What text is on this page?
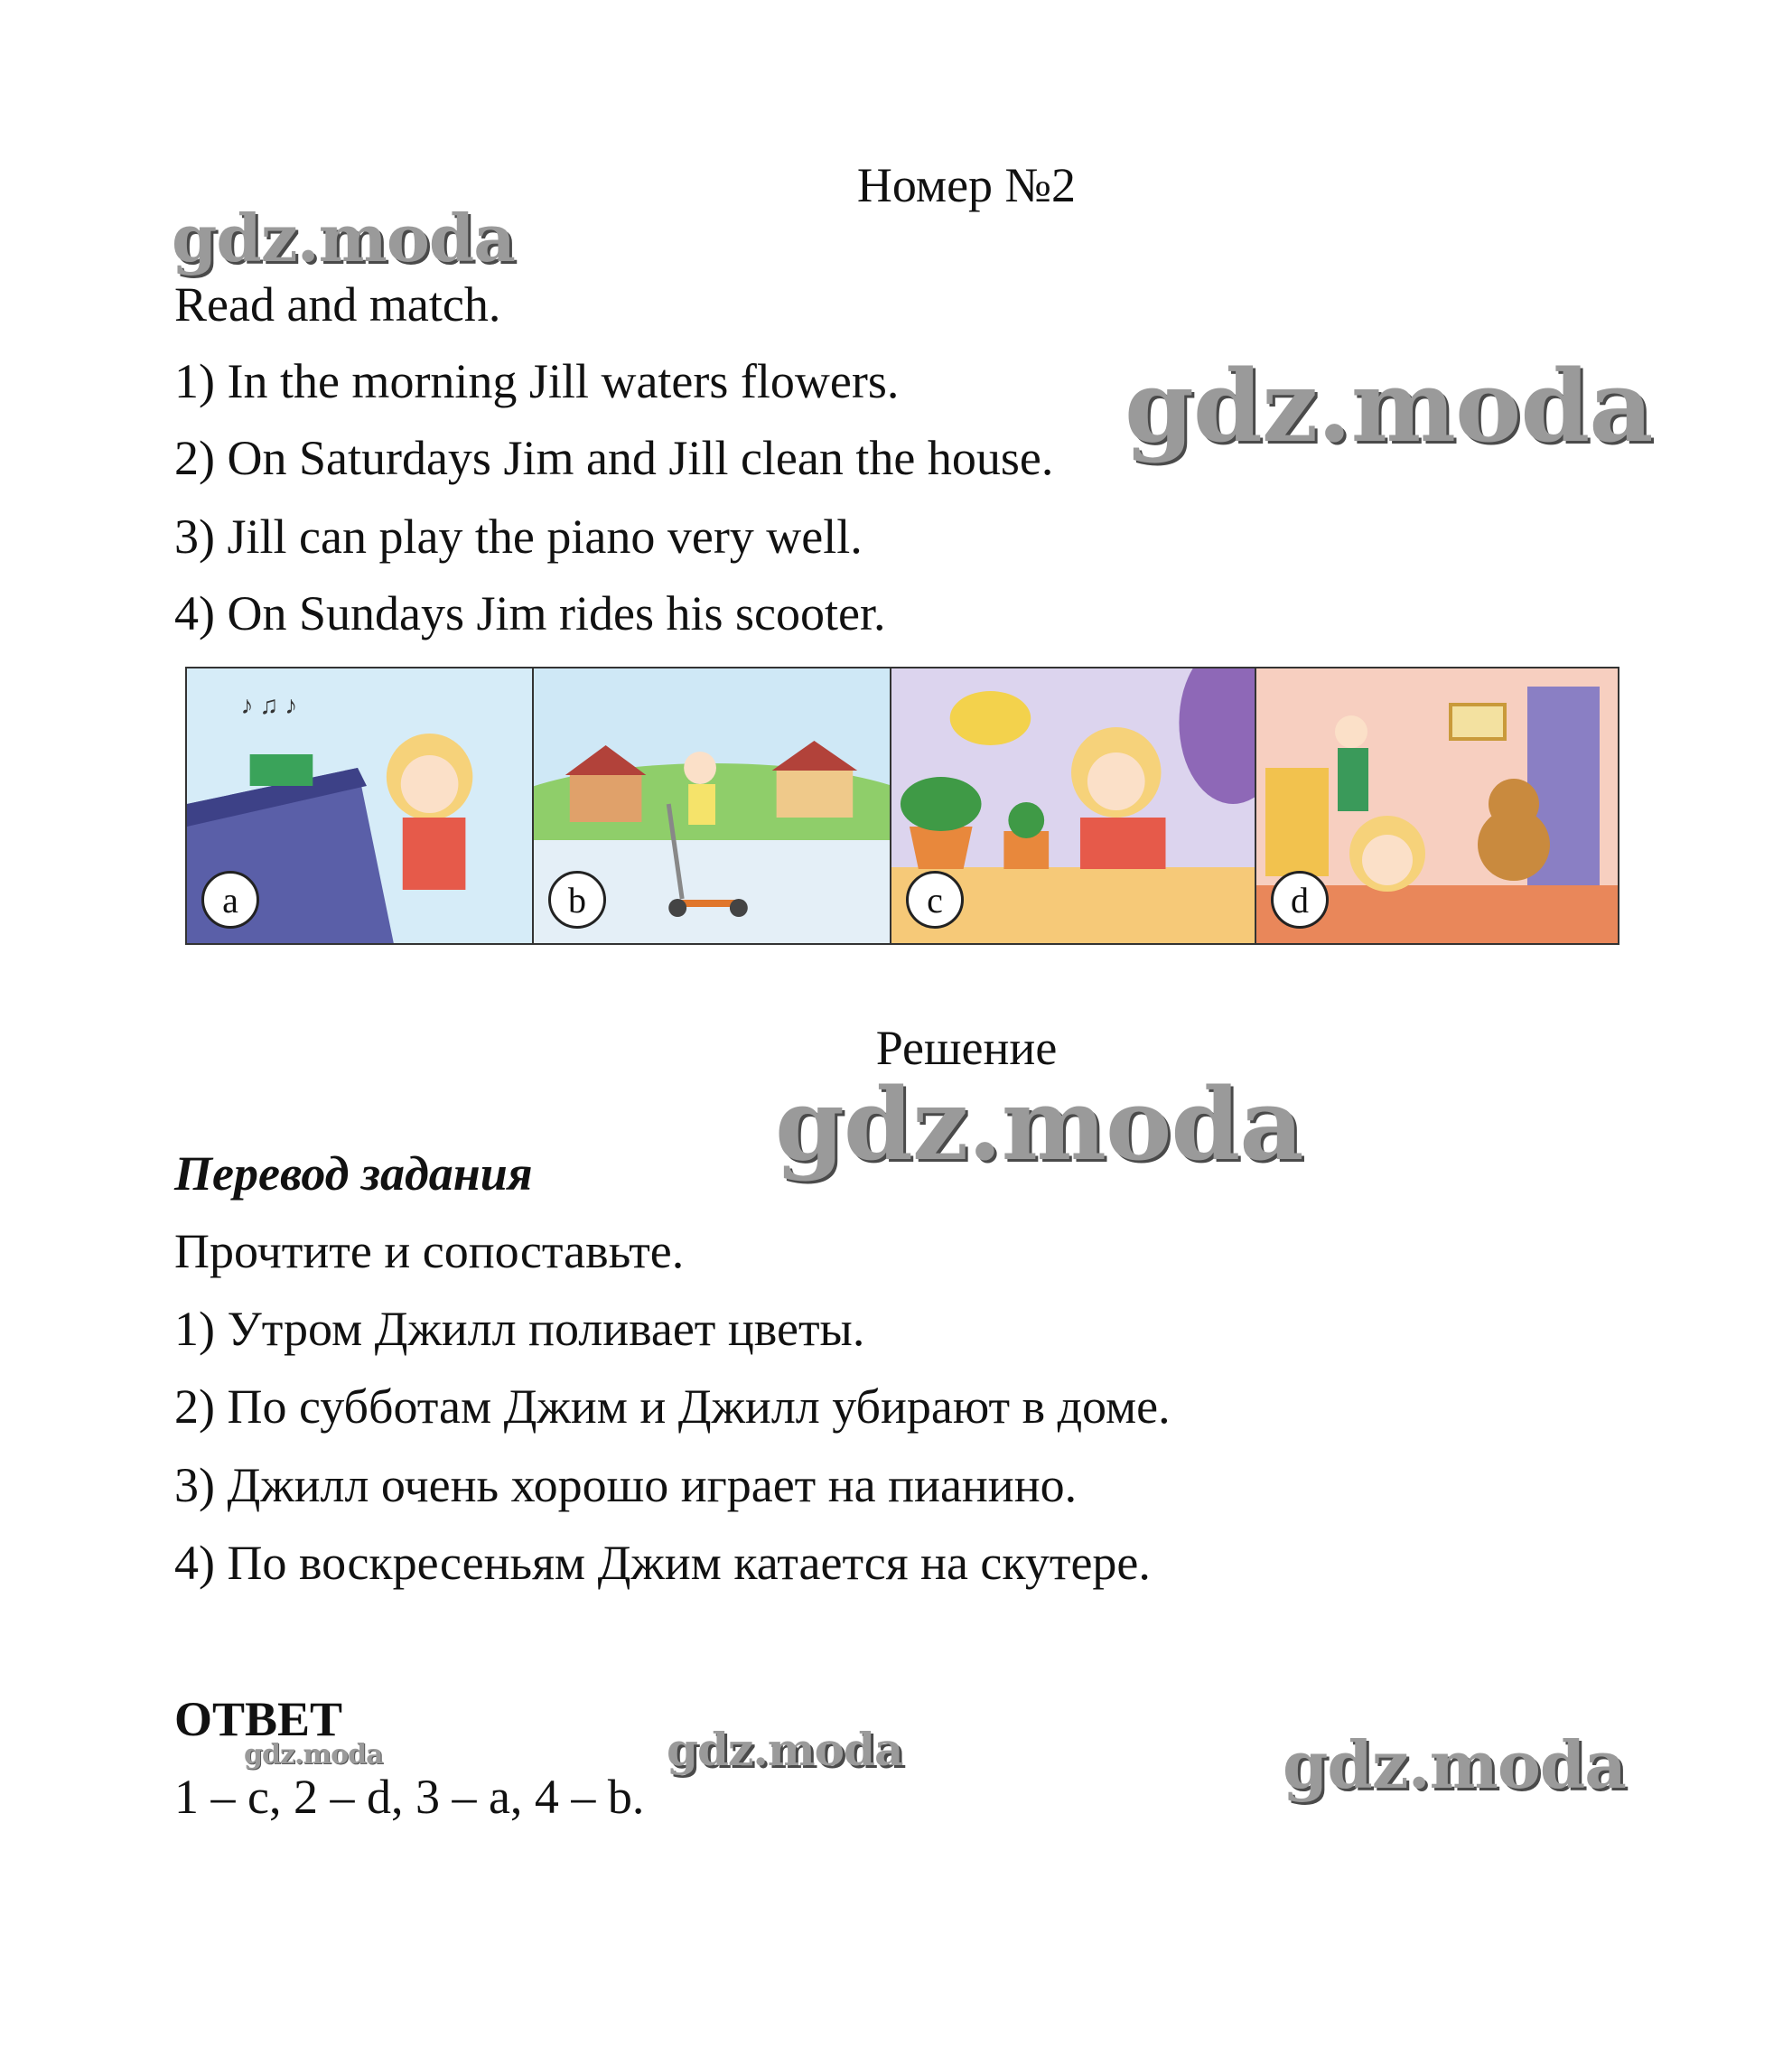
Номер №2
gdz.moda
gdz.moda
gdz.moda
gdz.moda	gdz.moda	gdz.moda
Read and match.
1) In the morning Jill waters flowers.
2) On Saturdays Jim and Jill clean the house.
3) Jill can play the piano very well.
4) On Sundays Jim rides his scooter.
♪ ♫ ♪
a	b	c	d
Решение
Перевод задания
Прочтите и сопоставьте.
1) Утром Джилл поливает цветы.
2) По субботам Джим и Джилл убирают в доме.
3) Джилл очень хорошо играет на пианино.
4) По воскресеньям Джим катается на скутере.
ОТВЕТ
1 – c, 2 – d, 3 – a, 4 – b.
